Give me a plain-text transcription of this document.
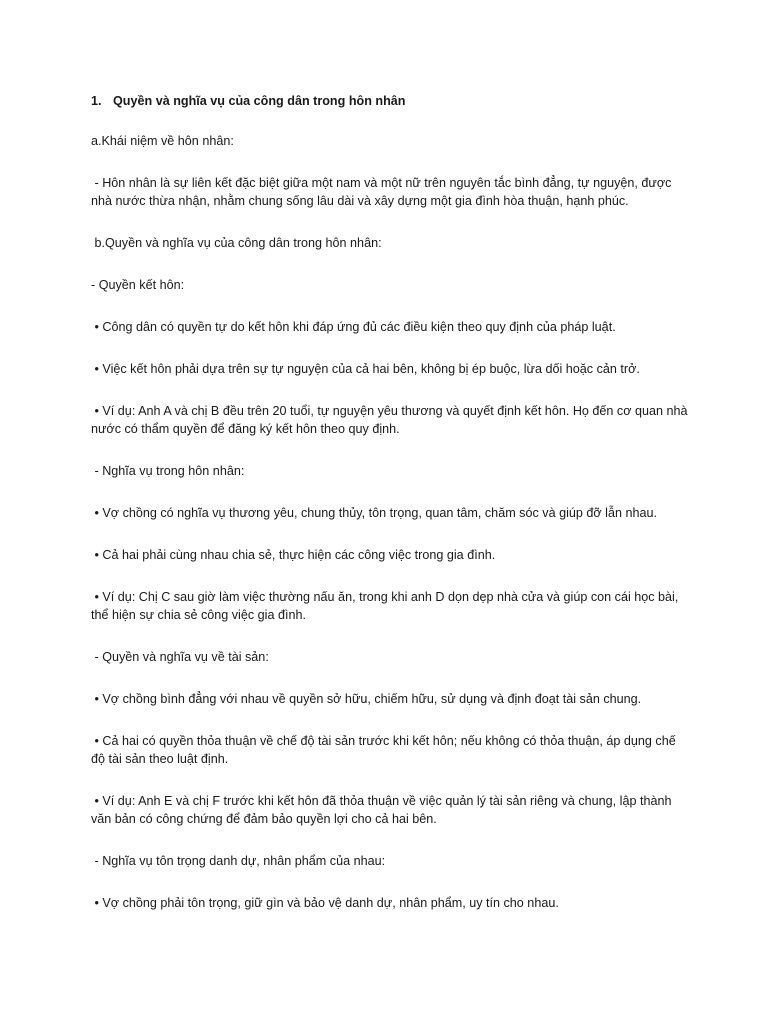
1. Quyền và nghĩa vụ của công dân trong hôn nhân
a.Khái niệm về hôn nhân:
- Hôn nhân là sự liên kết đặc biệt giữa một nam và một nữ trên nguyên tắc bình đẳng, tự nguyện, được nhà nước thừa nhận, nhằm chung sống lâu dài và xây dựng một gia đình hòa thuận, hạnh phúc.
b.Quyền và nghĩa vụ của công dân trong hôn nhân:
- Quyền kết hôn:
• Công dân có quyền tự do kết hôn khi đáp ứng đủ các điều kiện theo quy định của pháp luật.
• Việc kết hôn phải dựa trên sự tự nguyện của cả hai bên, không bị ép buộc, lừa dối hoặc cản trở.
• Ví dụ: Anh A và chị B đều trên 20 tuổi, tự nguyện yêu thương và quyết định kết hôn. Họ đến cơ quan nhà nước có thẩm quyền để đăng ký kết hôn theo quy định.
- Nghĩa vụ trong hôn nhân:
• Vợ chồng có nghĩa vụ thương yêu, chung thủy, tôn trọng, quan tâm, chăm sóc và giúp đỡ lẫn nhau.
• Cả hai phải cùng nhau chia sẻ, thực hiện các công việc trong gia đình.
• Ví dụ: Chị C sau giờ làm việc thường nấu ăn, trong khi anh D dọn dẹp nhà cửa và giúp con cái học bài, thể hiện sự chia sẻ công việc gia đình.
- Quyền và nghĩa vụ về tài sản:
• Vợ chồng bình đẳng với nhau về quyền sở hữu, chiếm hữu, sử dụng và định đoạt tài sản chung.
• Cả hai có quyền thỏa thuận về chế độ tài sản trước khi kết hôn; nếu không có thỏa thuận, áp dụng chế độ tài sản theo luật định.
• Ví dụ: Anh E và chị F trước khi kết hôn đã thỏa thuận về việc quản lý tài sản riêng và chung, lập thành văn bản có công chứng để đảm bảo quyền lợi cho cả hai bên.
- Nghĩa vụ tôn trọng danh dự, nhân phẩm của nhau:
• Vợ chồng phải tôn trọng, giữ gìn và bảo vệ danh dự, nhân phẩm, uy tín cho nhau.
